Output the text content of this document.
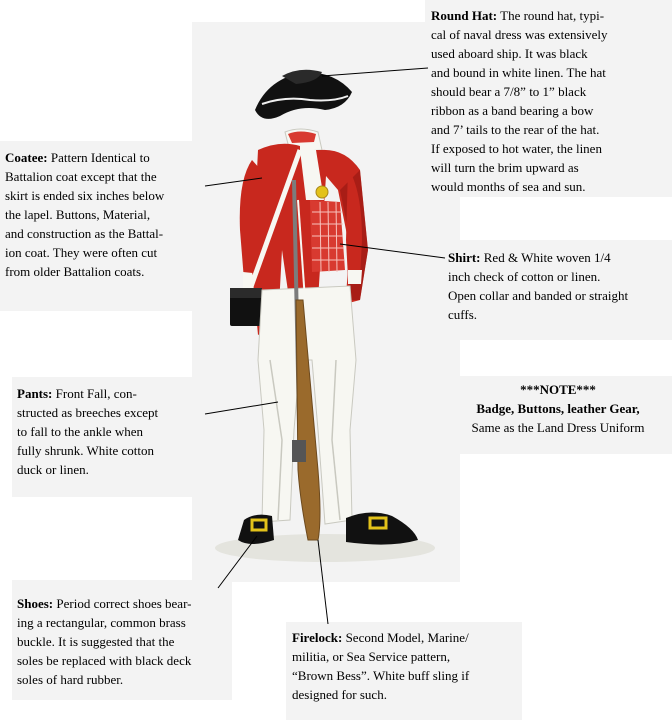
Round Hat: The round hat, typi-
cal of naval dress was extensively
used aboard ship. It was black
and bound in white linen. The hat
should bear a 7/8” to 1” black
ribbon as a band bearing a bow
and 7’ tails to the rear of the hat.
If exposed to hot water, the linen
will turn the brim upward as
would months of sea and sun.
Coatee: Pattern Identical to
Battalion coat except that the
skirt is ended six inches below
the lapel. Buttons, Material,
and construction as the Battal-
ion coat. They were often cut
from older Battalion coats.
Shirt: Red & White woven 1/4
inch check of cotton or linen.
Open collar and banded or straight
cuffs.
***NOTE***
Badge, Buttons, leather Gear,
Same as the Land Dress Uniform
Pants: Front Fall, con-
structed as breeches except
to fall to the ankle when
fully shrunk. White cotton
duck or linen.
Shoes: Period correct shoes bear-
ing a rectangular, common brass
buckle. It is suggested that the
soles be replaced with black deck
soles of hard rubber.
Firelock: Second Model, Marine/
militia, or Sea Service pattern,
“Brown Bess”. White buff sling if
designed for such.
